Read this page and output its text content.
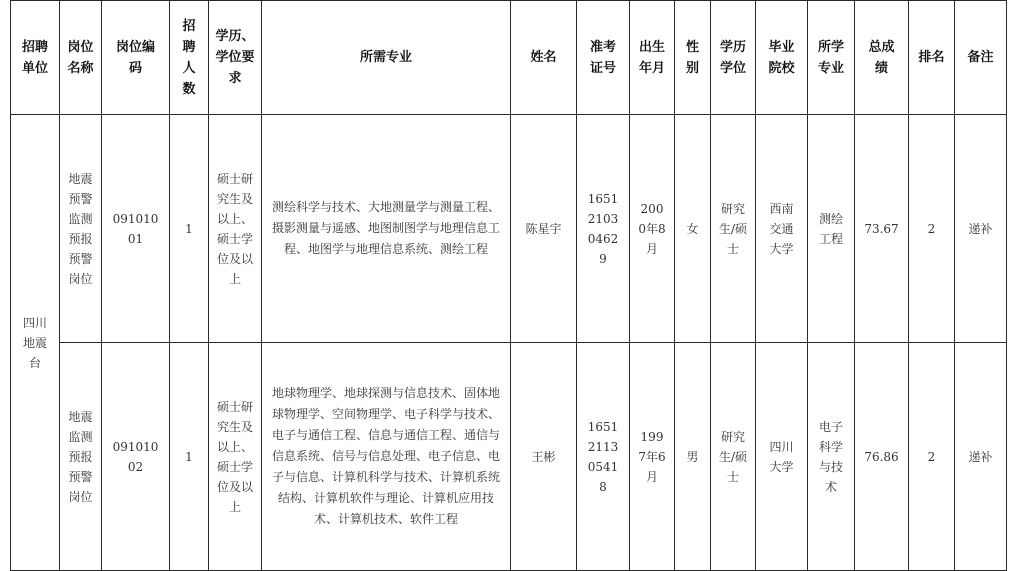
招聘单位	岗位名称	岗位编码	招聘人数	学历、学位要求	所需专业	姓名	准考证号	出生年月	性别	学历学位	毕业院校	所学专业	总成绩	排名	备注
四川地震台	地震预警监测预报预警岗位	09101001	1	硕士研究生及以上、硕士学位及以上	测绘科学与技术、大地测量学与测量工程、摄影测量与遥感、地图制图学与地理信息工程、地图学与地理信息系统、测绘工程	陈星宇	1651210304629	2000年8月	女	研究生/硕士	西南交通大学	测绘工程	73.67	2	递补
	地震监测预报预警岗位	09101002	1	硕士研究生及以上、硕士学位及以上	地球物理学、地球探测与信息技术、固体地球物理学、空间物理学、电子科学与技术、电子与通信工程、信息与通信工程、通信与信息系统、信号与信息处理、电子信息、电子与信息、计算机科学与技术、计算机系统结构、计算机软件与理论、计算机应用技术、计算机技术、软件工程	王彬	1651211305418	1997年6月	男	研究生/硕士	四川大学	电子科学与技术	76.86	2	递补
